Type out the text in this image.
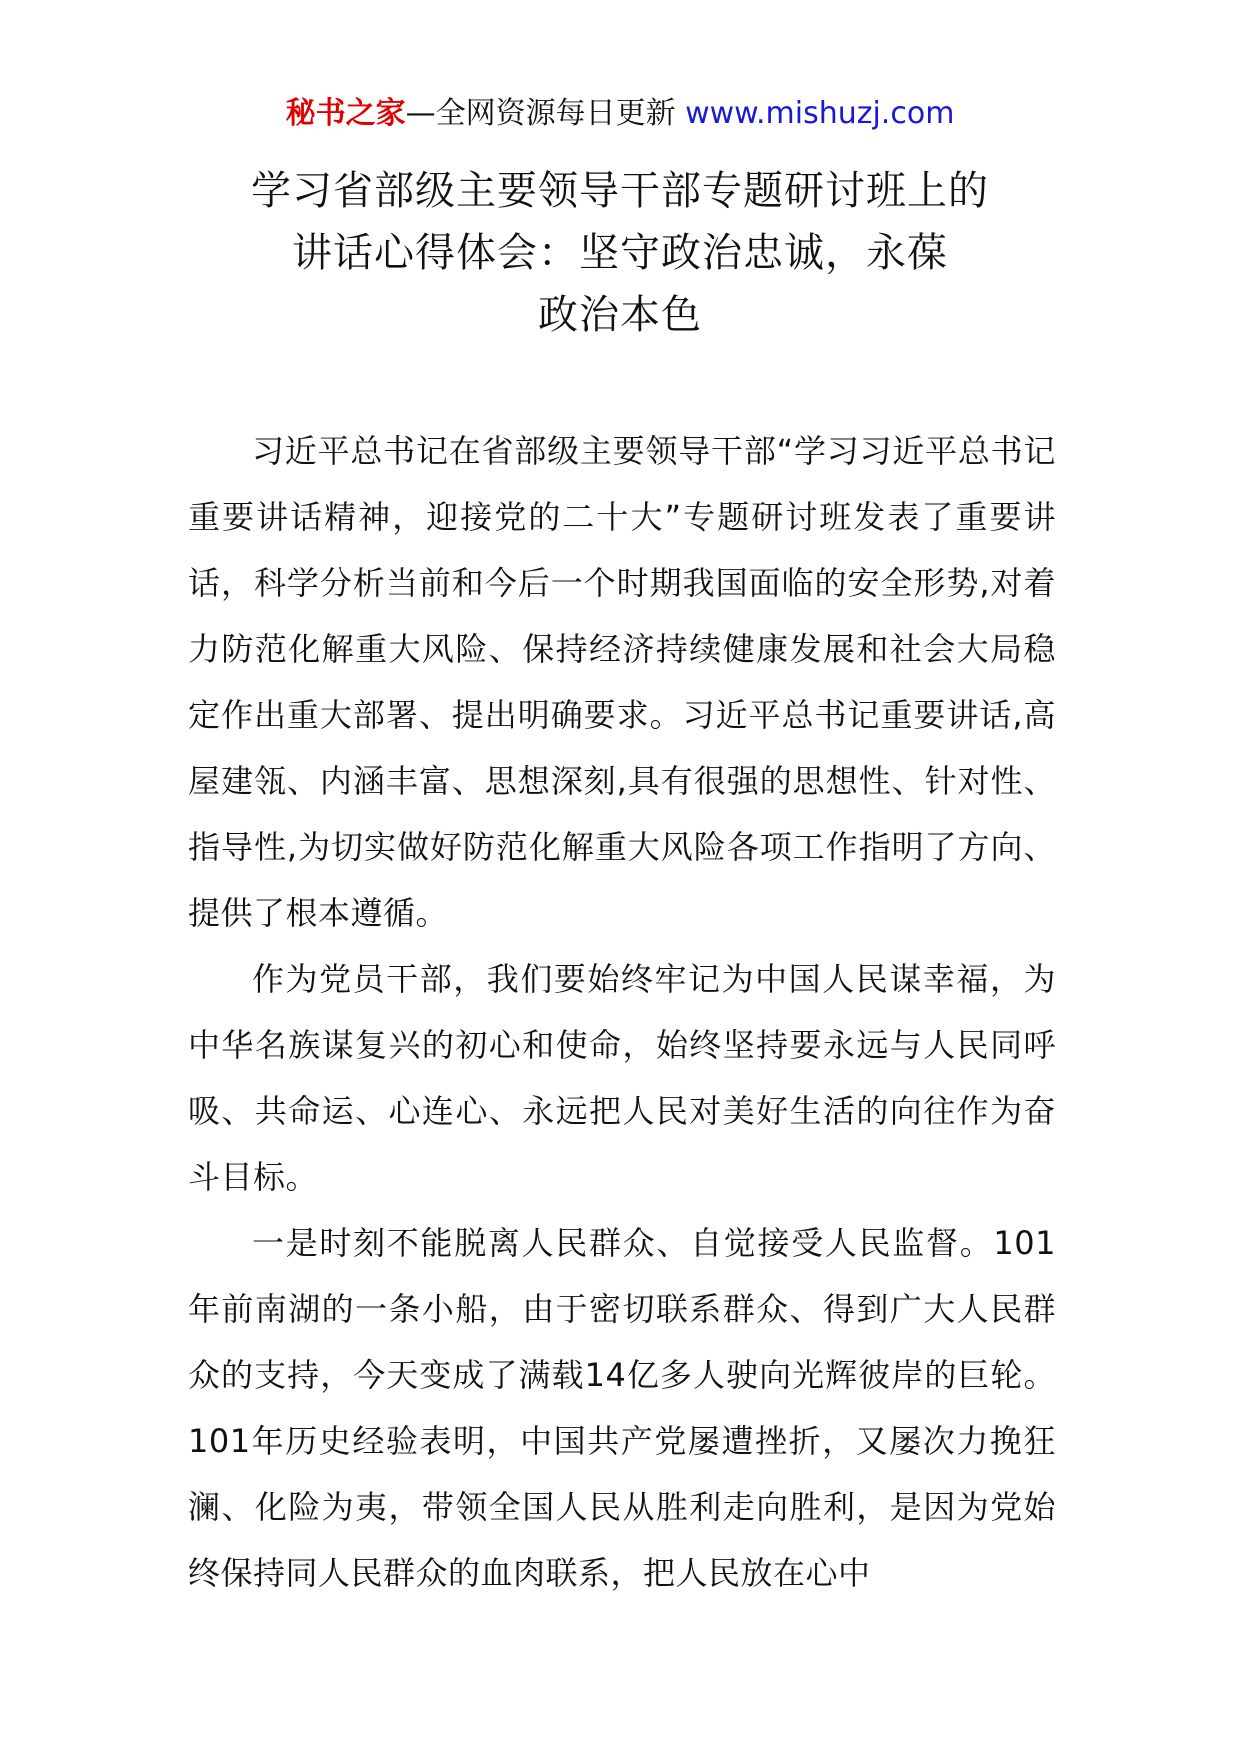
秘书之家—全网资源每日更新 www.mishuzj.com
学习省部级主要领导干部专题研讨班上的
讲话心得体会：坚守政治忠诚，永葆
政治本色

习近平总书记在省部级主要领导干部“学习习近平总书记重要讲话精神，迎接党的二十大”专题研讨班发表了重要讲话，科学分析当前和今后一个时期我国面临的安全形势,对着力防范化解重大风险、保持经济持续健康发展和社会大局稳定作出重大部署、提出明确要求。习近平总书记重要讲话,高屋建瓴、内涵丰富、思想深刻,具有很强的思想性、针对性、指导性,为切实做好防范化解重大风险各项工作指明了方向、提供了根本遵循。

作为党员干部，我们要始终牢记为中国人民谋幸福，为中华名族谋复兴的初心和使命，始终坚持要永远与人民同呼吸、共命运、心连心、永远把人民对美好生活的向往作为奋斗目标。

一是时刻不能脱离人民群众、自觉接受人民监督。101年前南湖的一条小船，由于密切联系群众、得到广大人民群众的支持，今天变成了满载14亿多人驶向光辉彼岸的巨轮。101年历史经验表明，中国共产党屡遭挫折，又屡次力挽狂澜、化险为夷，带领全国人民从胜利走向胜利，是因为党始终保持同人民群众的血肉联系，把人民放在心中
